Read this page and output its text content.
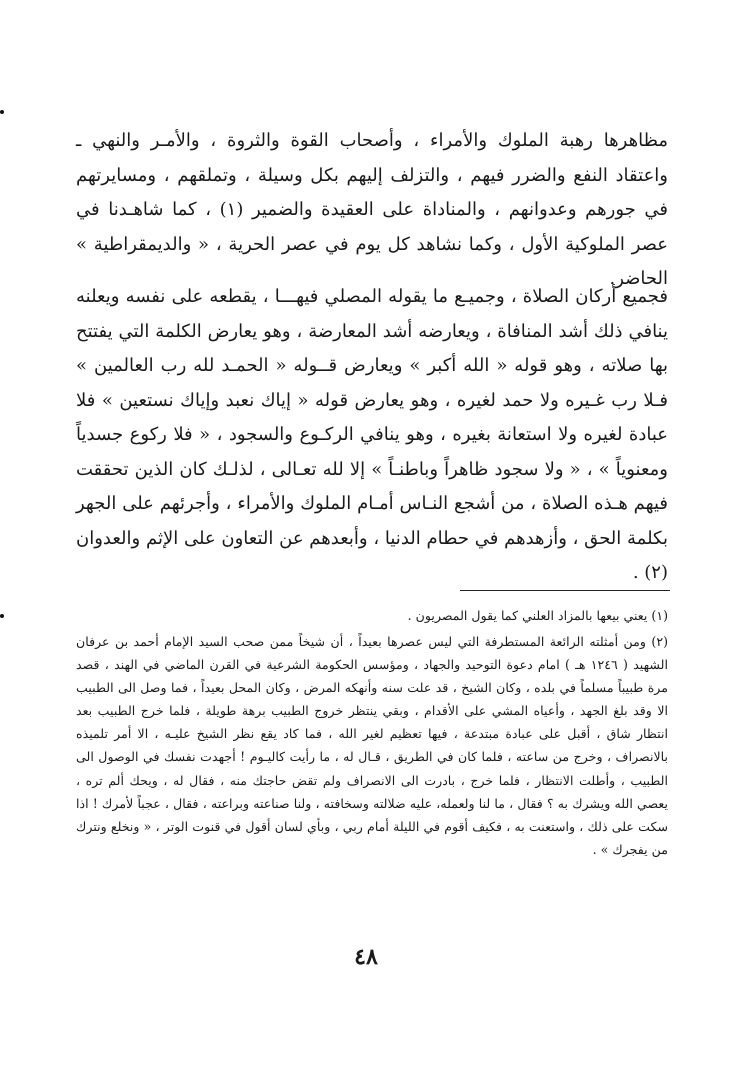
مظاهرها رهبة الملوك والأمراء ، وأصحاب القوة والثروة ، والأمـر والنهي ـ واعتقاد النفع والضرر فيهم ، والتزلف إليهم بكل وسيلة ، وتملقهم ، ومسايرتهم في جورهم وعدوانهم ، والمناداة على العقيدة والضمير (١) ، كما شاهـدنا في عصر الملوكية الأول ، وكما نشاهد كل يوم في عصر الحرية ، « والديمقراطية » الحاضر.
فجميع أركان الصلاة ، وجميـع ما يقوله المصلي فيهـــا ، يقطعه على نفسه ويعلنه ينافي ذلك أشد المنافاة ، ويعارضه أشد المعارضة ، وهو يعارض الكلمة التي يفتتح بها صلاته ، وهو قوله « الله أكبر » ويعارض قــوله « الحمـد لله رب العالمين » فـلا رب غـيره ولا حمد لغيره ، وهو يعارض قوله « إياك نعبد وإياك نستعين » فلا عبادة لغيره ولا استعانة بغيره ، وهو ينافي الركـوع والسجود ، « فلا ركوع جسدياً ومعنوياً » ، « ولا سجود ظاهراً وباطنـاً » إلا لله تعـالى ، لذلـك كان الذين تحققت فيهم هـذه الصلاة ، من أشجع النـاس أمـام الملوك والأمراء ، وأجرئهم على الجهر بكلمة الحق ، وأزهدهم في حطام الدنيا ، وأبعدهم عن التعاون على الإثم والعدوان (٢) .
(١) يعني بيعها بالمزاد العلني كما يقول المصريون .
(٢) ومن أمثلته الرائعة المستطرفة التي ليس عصرها بعيداً ، أن شيخاً ممن صحب السيد الإمام أحمد بن عرفان الشهيد ( ١٢٤٦ هـ ) امام دعوة التوحيد والجهاد ، ومؤسس الحكومة الشرعية في القرن الماضي في الهند ، قصد مرة طبيباً مسلماً في بلده ، وكان الشيخ ، قد علت سنه وأنهكه المرض ، وكان المحل بعيداً ، فما وصل الى الطبيب الا وقد بلغ الجهد ، وأعياه المشي على الأقدام ، وبقي ينتظر خروج الطبيب برهة طويلة ، فلما خرج الطبيب بعد انتظار شاق ، أقبل على عبادة مبتدعة ، فيها تعظيم لغير الله ، فما كاد يقع نظر الشيخ عليـه ، الا أمر تلميذه بالانصراف ، وخرج من ساعته ، فلما كان في الطريق ، قـال له ، ما رأيت كاليـوم ! أجهدت نفسك في الوصول الى الطبيب ، وأطلت الانتظار ، فلما خرج ، بادرت الى الانصراف ولم تقض حاجتك منه ، فقال له ، ويحك ألم تره ، يعصي الله ويشرك به ؟ فقال ، ما لنا ولعمله، عليه ضلالته وسخافته ، ولنا صناعته وبراعته ، فقال ، عجباً لأمرك ! اذا سكت على ذلك ، واستعنت به ، فكيف أقوم في الليلة أمام ربي ، وبأي لسان أقول في قنوت الوتر ، « ونخلع ونترك من يفجرك » .
٤٨
